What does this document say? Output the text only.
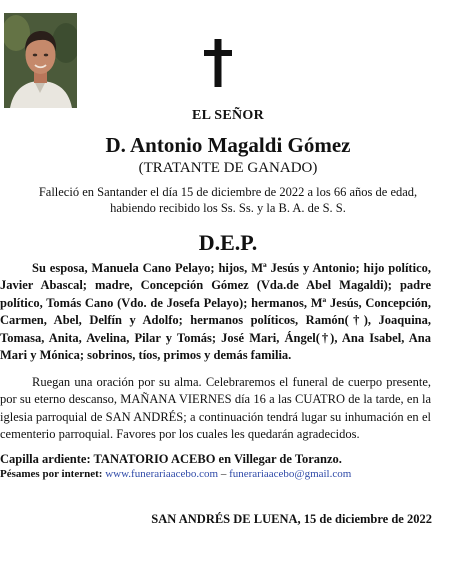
EL SEÑOR
D. Antonio Magaldi Gómez
(TRATANTE DE GANADO)
Falleció en Santander el día 15 de diciembre de 2022 a los 66 años de edad,
habiendo recibido los Ss. Ss. y la B. A. de S. S.
D.E.P.

Su esposa, Manuela Cano Pelayo; hijos, Mª Jesús y Antonio; hijo político, Javier Abascal; madre, Concepción Gómez (Vda.de Abel Magaldi); padre político, Tomás Cano (Vdo. de Josefa Pelayo); hermanos, Mª Jesús, Concepción, Carmen, Abel, Delfín y Adolfo; hermanos políticos, Ramón(†), Joaquina, Tomasa, Anita, Avelina, Pilar y Tomás; José Mari, Ángel(†), Ana Isabel, Ana Mari y Mónica; sobrinos, tíos, primos y demás familia.

Ruegan una oración por su alma. Celebraremos el funeral de cuerpo presente, por su eterno descanso, MAÑANA VIERNES día 16 a las CUATRO de la tarde, en la iglesia parroquial de SAN ANDRÉS; a continuación tendrá lugar su inhumación en el cementerio parroquial. Favores por los cuales les quedarán agradecidos.

Capilla ardiente: TANATORIO ACEBO en Villegar de Toranzo.
Pésames por internet: www.funerariaacebo.com – funerariaacebo@gmail.com
SAN ANDRÉS DE LUENA, 15 de diciembre de 2022
